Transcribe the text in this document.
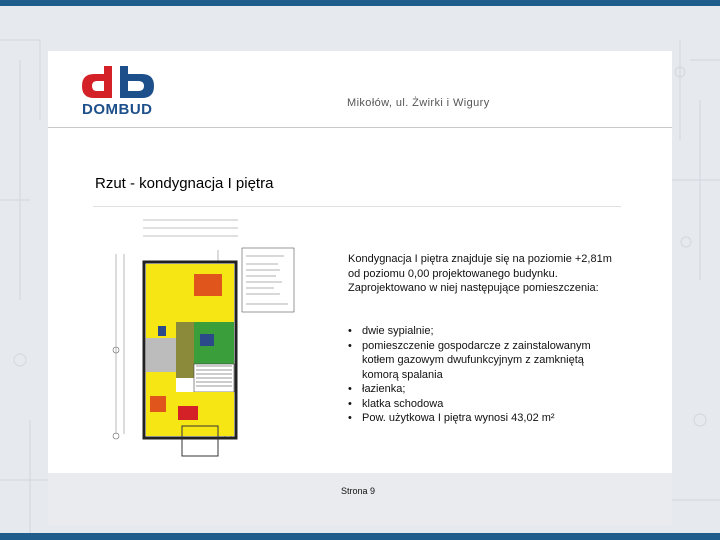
DOMBUD	Mikołów, ul. Żwirki i Wigury
Rzut - kondygnacja I piętra
Kondygnacja I piętra znajduje się na poziomie +2,81m od poziomu 0,00 projektowanego budynku. Zaprojektowano w niej następujące pomieszczenia:
• dwie sypialnie;
• pomieszczenie gospodarcze z zainstalowanym kotłem gazowym dwufunkcyjnym z zamkniętą komorą spalania
• łazienka;
• klatka schodowa
• Pow. użytkowa I piętra wynosi 43,02 m²
Strona 9
